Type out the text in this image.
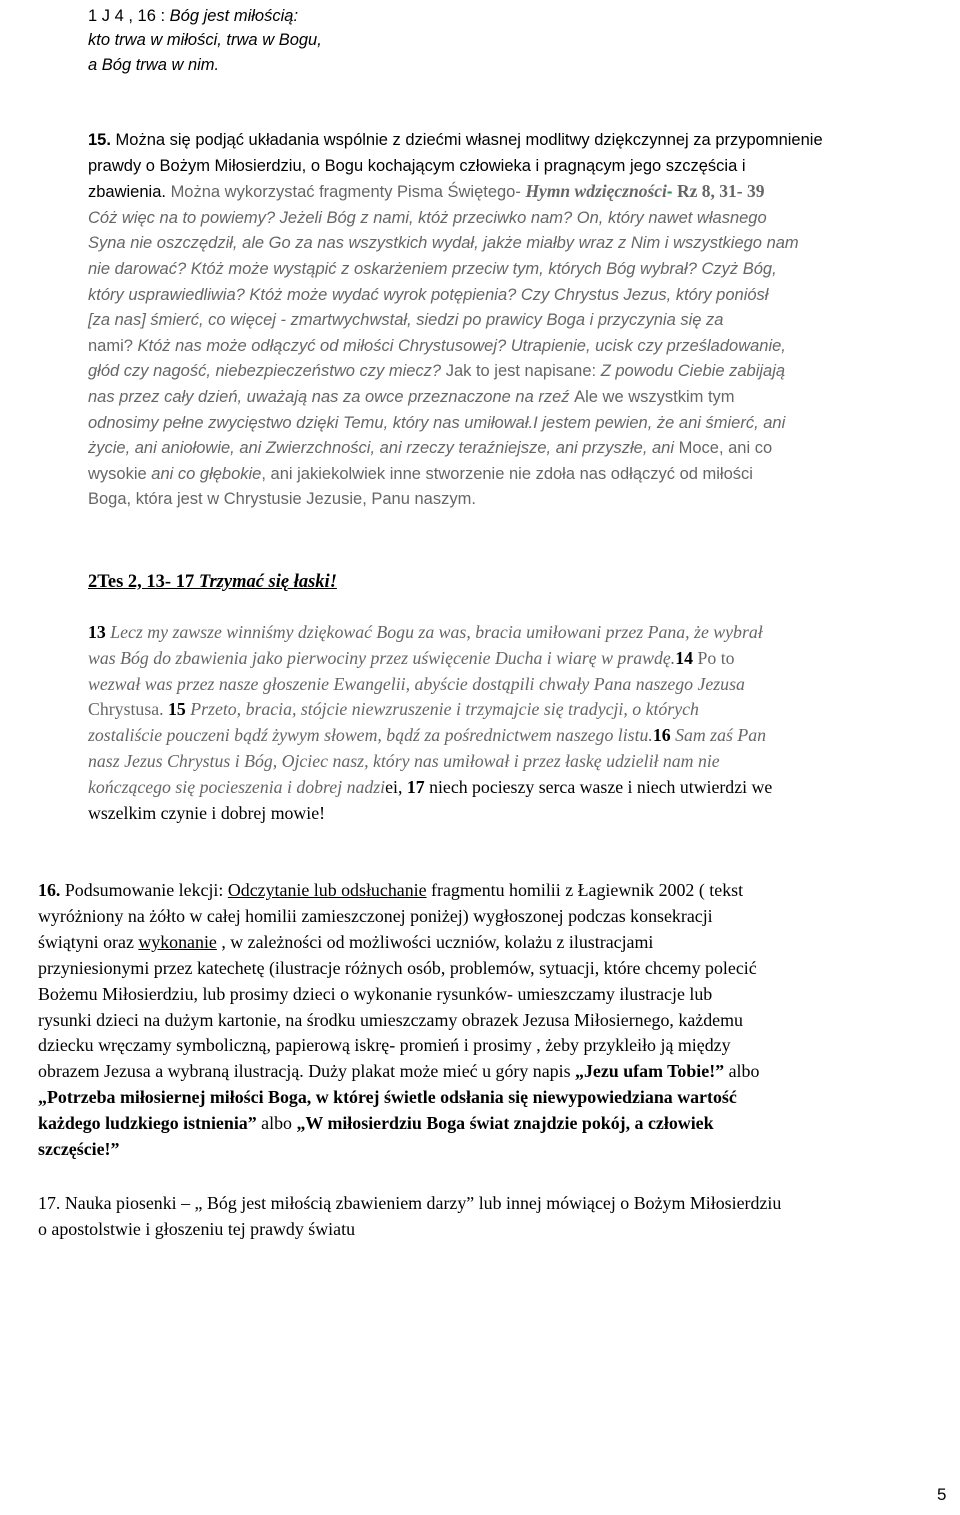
1 J 4 , 16 : Bóg jest miłością:
kto trwa w miłości, trwa w Bogu,
a Bóg trwa w nim.
15. Można się podjąć układania wspólnie z dziećmi własnej modlitwy dziękczynnej za przypomnienie
prawdy o Bożym Miłosierdziu, o Bogu kochającym człowieka i pragnącym jego szczęścia i
zbawienia. Można wykorzystać fragmenty Pisma Świętego- Hymn wdzięczności- Rz 8, 31- 39
Cóż więc na to powiemy? Jeżeli Bóg z nami, któż przeciwko nam? On, który nawet własnego
Syna nie oszczędził, ale Go za nas wszystkich wydał, jakże miałby wraz z Nim i wszystkiego nam
nie darować? Któż może wystąpić z oskarżeniem przeciw tym, których Bóg wybrał? Czyż Bóg,
który usprawiedliwia? Któż może wydać wyrok potępienia? Czy Chrystus Jezus, który poniósł
[za nas] śmierć, co więcej - zmartwychwstał, siedzi po prawicy Boga i przyczynia się za
nami? Któż nas może odłączyć od miłości Chrystusowej? Utrapienie, ucisk czy prześladowanie,
głód czy nagość, niebezpieczeństwo czy miecz? Jak to jest napisane: Z powodu Ciebie zabijają
nas przez cały dzień, uważają nas za owce przeznaczone na rzeź Ale we wszystkim tym
odnosimy pełne zwycięstwo dzięki Temu, który nas umiłował.I jestem pewien, że ani śmierć, ani
życie, ani aniołowie, ani Zwierzchności, ani rzeczy teraźniejsze, ani przyszłe, ani Moce, ani co
wysokie ani co głębokie, ani jakiekolwiek inne stworzenie nie zdoła nas odłączyć od miłości
Boga, która jest w Chrystusie Jezusie, Panu naszym.
2Tes 2, 13- 17 Trzymać się łaski!
13 Lecz my zawsze winniśmy dziękować Bogu za was, bracia umiłowani przez Pana, że wybrał
was Bóg do zbawienia jako pierwociny przez uświęcenie Ducha i wiarę w prawdę.14 Po to
wezwał was przez nasze głoszenie Ewangelii, abyście dostąpili chwały Pana naszego Jezusa
Chrystusa. 15 Przeto, bracia, stójcie niewzruszenie i trzymajcie się tradycji, o których
zostaliście pouczeni bądź żywym słowem, bądź za pośrednictwem naszego listu.16 Sam zaś Pan
nasz Jezus Chrystus i Bóg, Ojciec nasz, który nas umiłował i przez łaskę udzielił nam nie
kończącego się pocieszenia i dobrej nadziei, 17 niech pocieszy serca wasze i niech utwierdzi we
wszelkim czynie i dobrej mowie!
16. Podsumowanie lekcji: Odczytanie lub odsłuchanie fragmentu homilii z Łagiewnik 2002 ( tekst
wyróżniony na żółto w całej homilii zamieszczonej poniżej) wygłoszonej podczas konsekracji
świątyni oraz wykonanie , w zależności od możliwości uczniów, kolażu z ilustracjami
przyniesionymi przez katechetę (ilustracje różnych osób, problemów, sytuacji, które chcemy polecić
Bożemu Miłosierdziu, lub prosimy dzieci o wykonanie rysunków- umieszczamy ilustracje lub
rysunki dzieci na dużym kartonie, na środku umieszczamy obrazek Jezusa Miłosiernego, każdemu
dziecku wręczamy symboliczną, papierową iskrę- promień i prosimy , żeby przykleiło ją między
obrazem Jezusa a wybraną ilustracją. Duży plakat może mieć u góry napis „Jezu ufam Tobie!” albo
„Potrzeba miłosiernej miłości Boga, w której świetle odsłania się niewypowiedziana wartość
każdego ludzkiego istnienia” albo „W miłosierdziu Boga świat znajdzie pokój, a człowiek
szczęście!”
17. Nauka piosenki – „ Bóg jest miłością zbawieniem darzy” lub innej mówiącej o Bożym Miłosierdziu
o apostolstwie i głoszeniu tej prawdy światu
5
